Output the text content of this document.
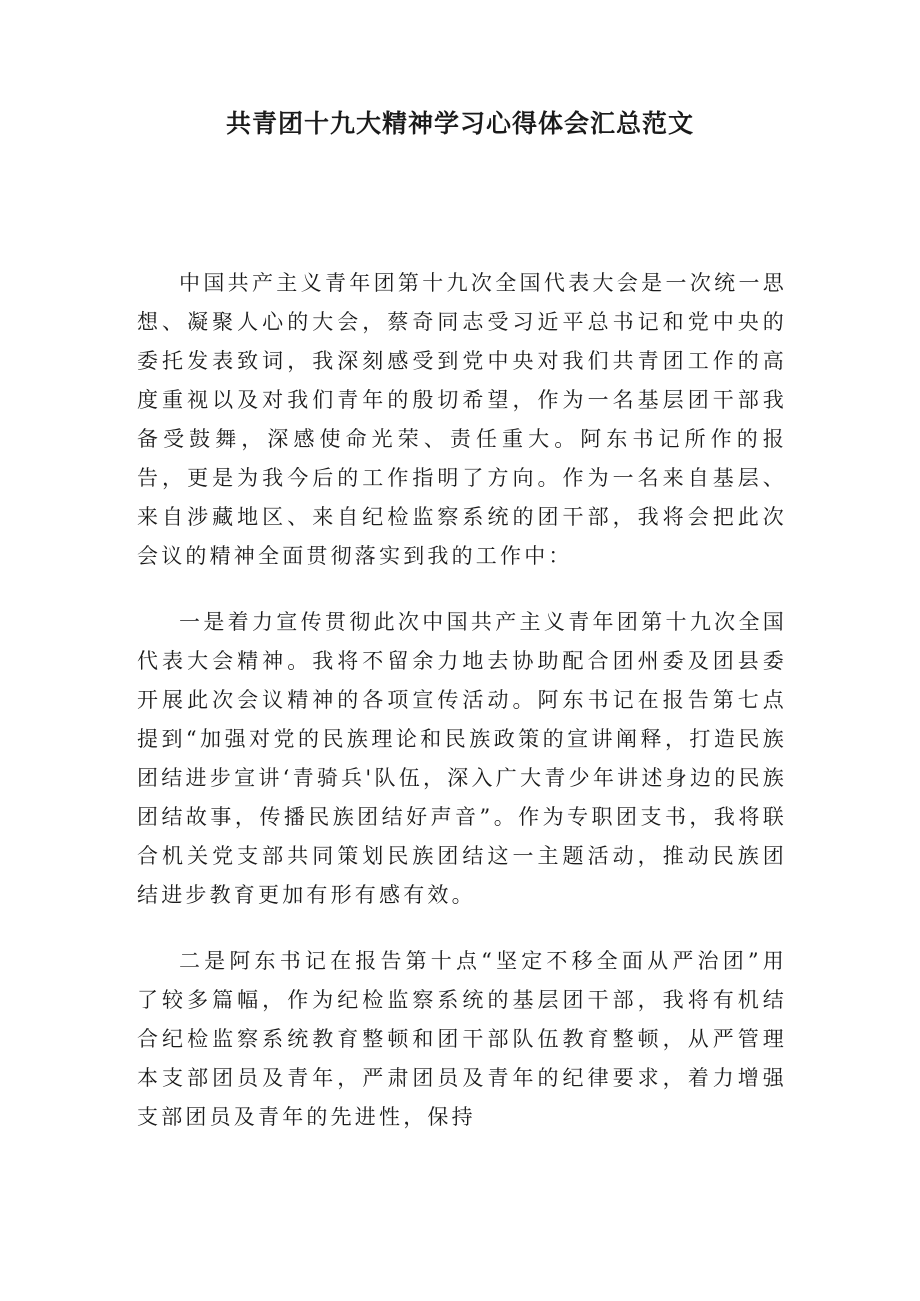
共青团十九大精神学习心得体会汇总范文

中国共产主义青年团第十九次全国代表大会是一次统一思想、凝聚人心的大会，蔡奇同志受习近平总书记和党中央的委托发表致词，我深刻感受到党中央对我们共青团工作的高度重视以及对我们青年的殷切希望，作为一名基层团干部我备受鼓舞，深感使命光荣、责任重大。阿东书记所作的报告，更是为我今后的工作指明了方向。作为一名来自基层、来自涉藏地区、来自纪检监察系统的团干部，我将会把此次会议的精神全面贯彻落实到我的工作中：

一是着力宣传贯彻此次中国共产主义青年团第十九次全国代表大会精神。我将不留余力地去协助配合团州委及团县委开展此次会议精神的各项宣传活动。阿东书记在报告第七点提到“加强对党的民族理论和民族政策的宣讲阐释，打造民族团结进步宣讲‘青骑兵'队伍，深入广大青少年讲述身边的民族团结故事，传播民族团结好声音”。作为专职团支书，我将联合机关党支部共同策划民族团结这一主题活动，推动民族团结进步教育更加有形有感有效。

二是阿东书记在报告第十点“坚定不移全面从严治团”用了较多篇幅，作为纪检监察系统的基层团干部，我将有机结合纪检监察系统教育整顿和团干部队伍教育整顿，从严管理本支部团员及青年，严肃团员及青年的纪律要求，着力增强支部团员及青年的先进性，保持
